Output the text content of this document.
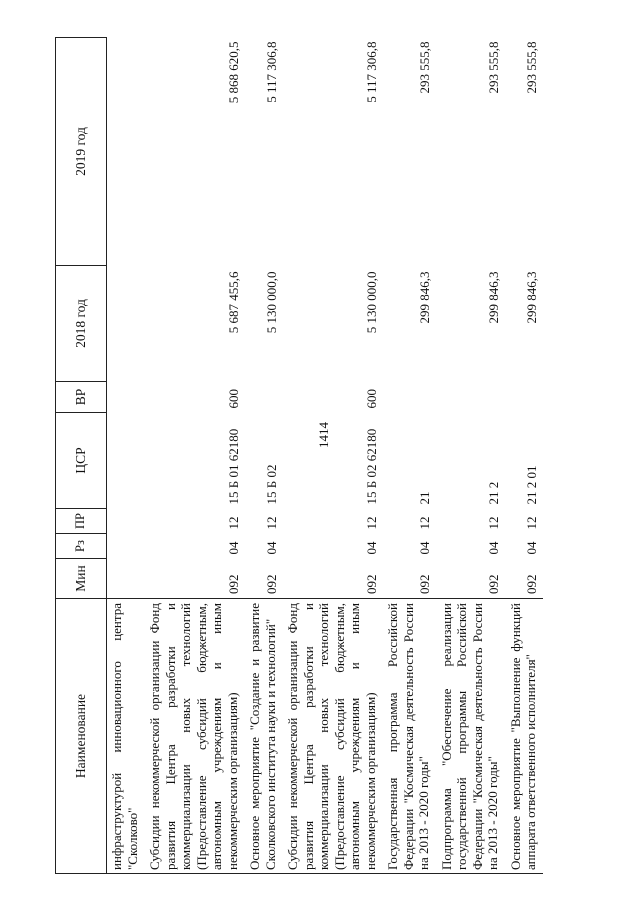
1414
Наименование	Мин	Рз	ПР	ЦСР	ВР	2018 год	2019 год
инфраструктурой инновационного центра "Сколково"							
Субсидии некоммерческой организации Фонд развития Центра разработки и коммерциализации новых технологий (Предоставление субсидий бюджетным, автономным учреждениям и иным некоммерческим организациям)	092	04	12	15 Б 01 62180	600	5 687 455,6	5 868 620,5
Основное мероприятие "Создание и развитие Сколковского института науки и технологий"	092	04	12	15 Б 02		5 130 000,0	5 117 306,8
Субсидии некоммерческой организации Фонд развития Центра разработки и коммерциализации новых технологий (Предоставление субсидий бюджетным, автономным учреждениям и иным некоммерческим организациям)	092	04	12	15 Б 02 62180	600	5 130 000,0	5 117 306,8
Государственная программа Российской Федерации "Космическая деятельность России на 2013 - 2020 годы"	092	04	12	21		299 846,3	293 555,8
Подпрограмма "Обеспечение реализации государственной программы Российской Федерации "Космическая деятельность России на 2013 - 2020 годы"	092	04	12	21 2		299 846,3	293 555,8
Основное мероприятие "Выполнение функций аппарата ответственного исполнителя"	092	04	12	21 2 01		299 846,3	293 555,8
